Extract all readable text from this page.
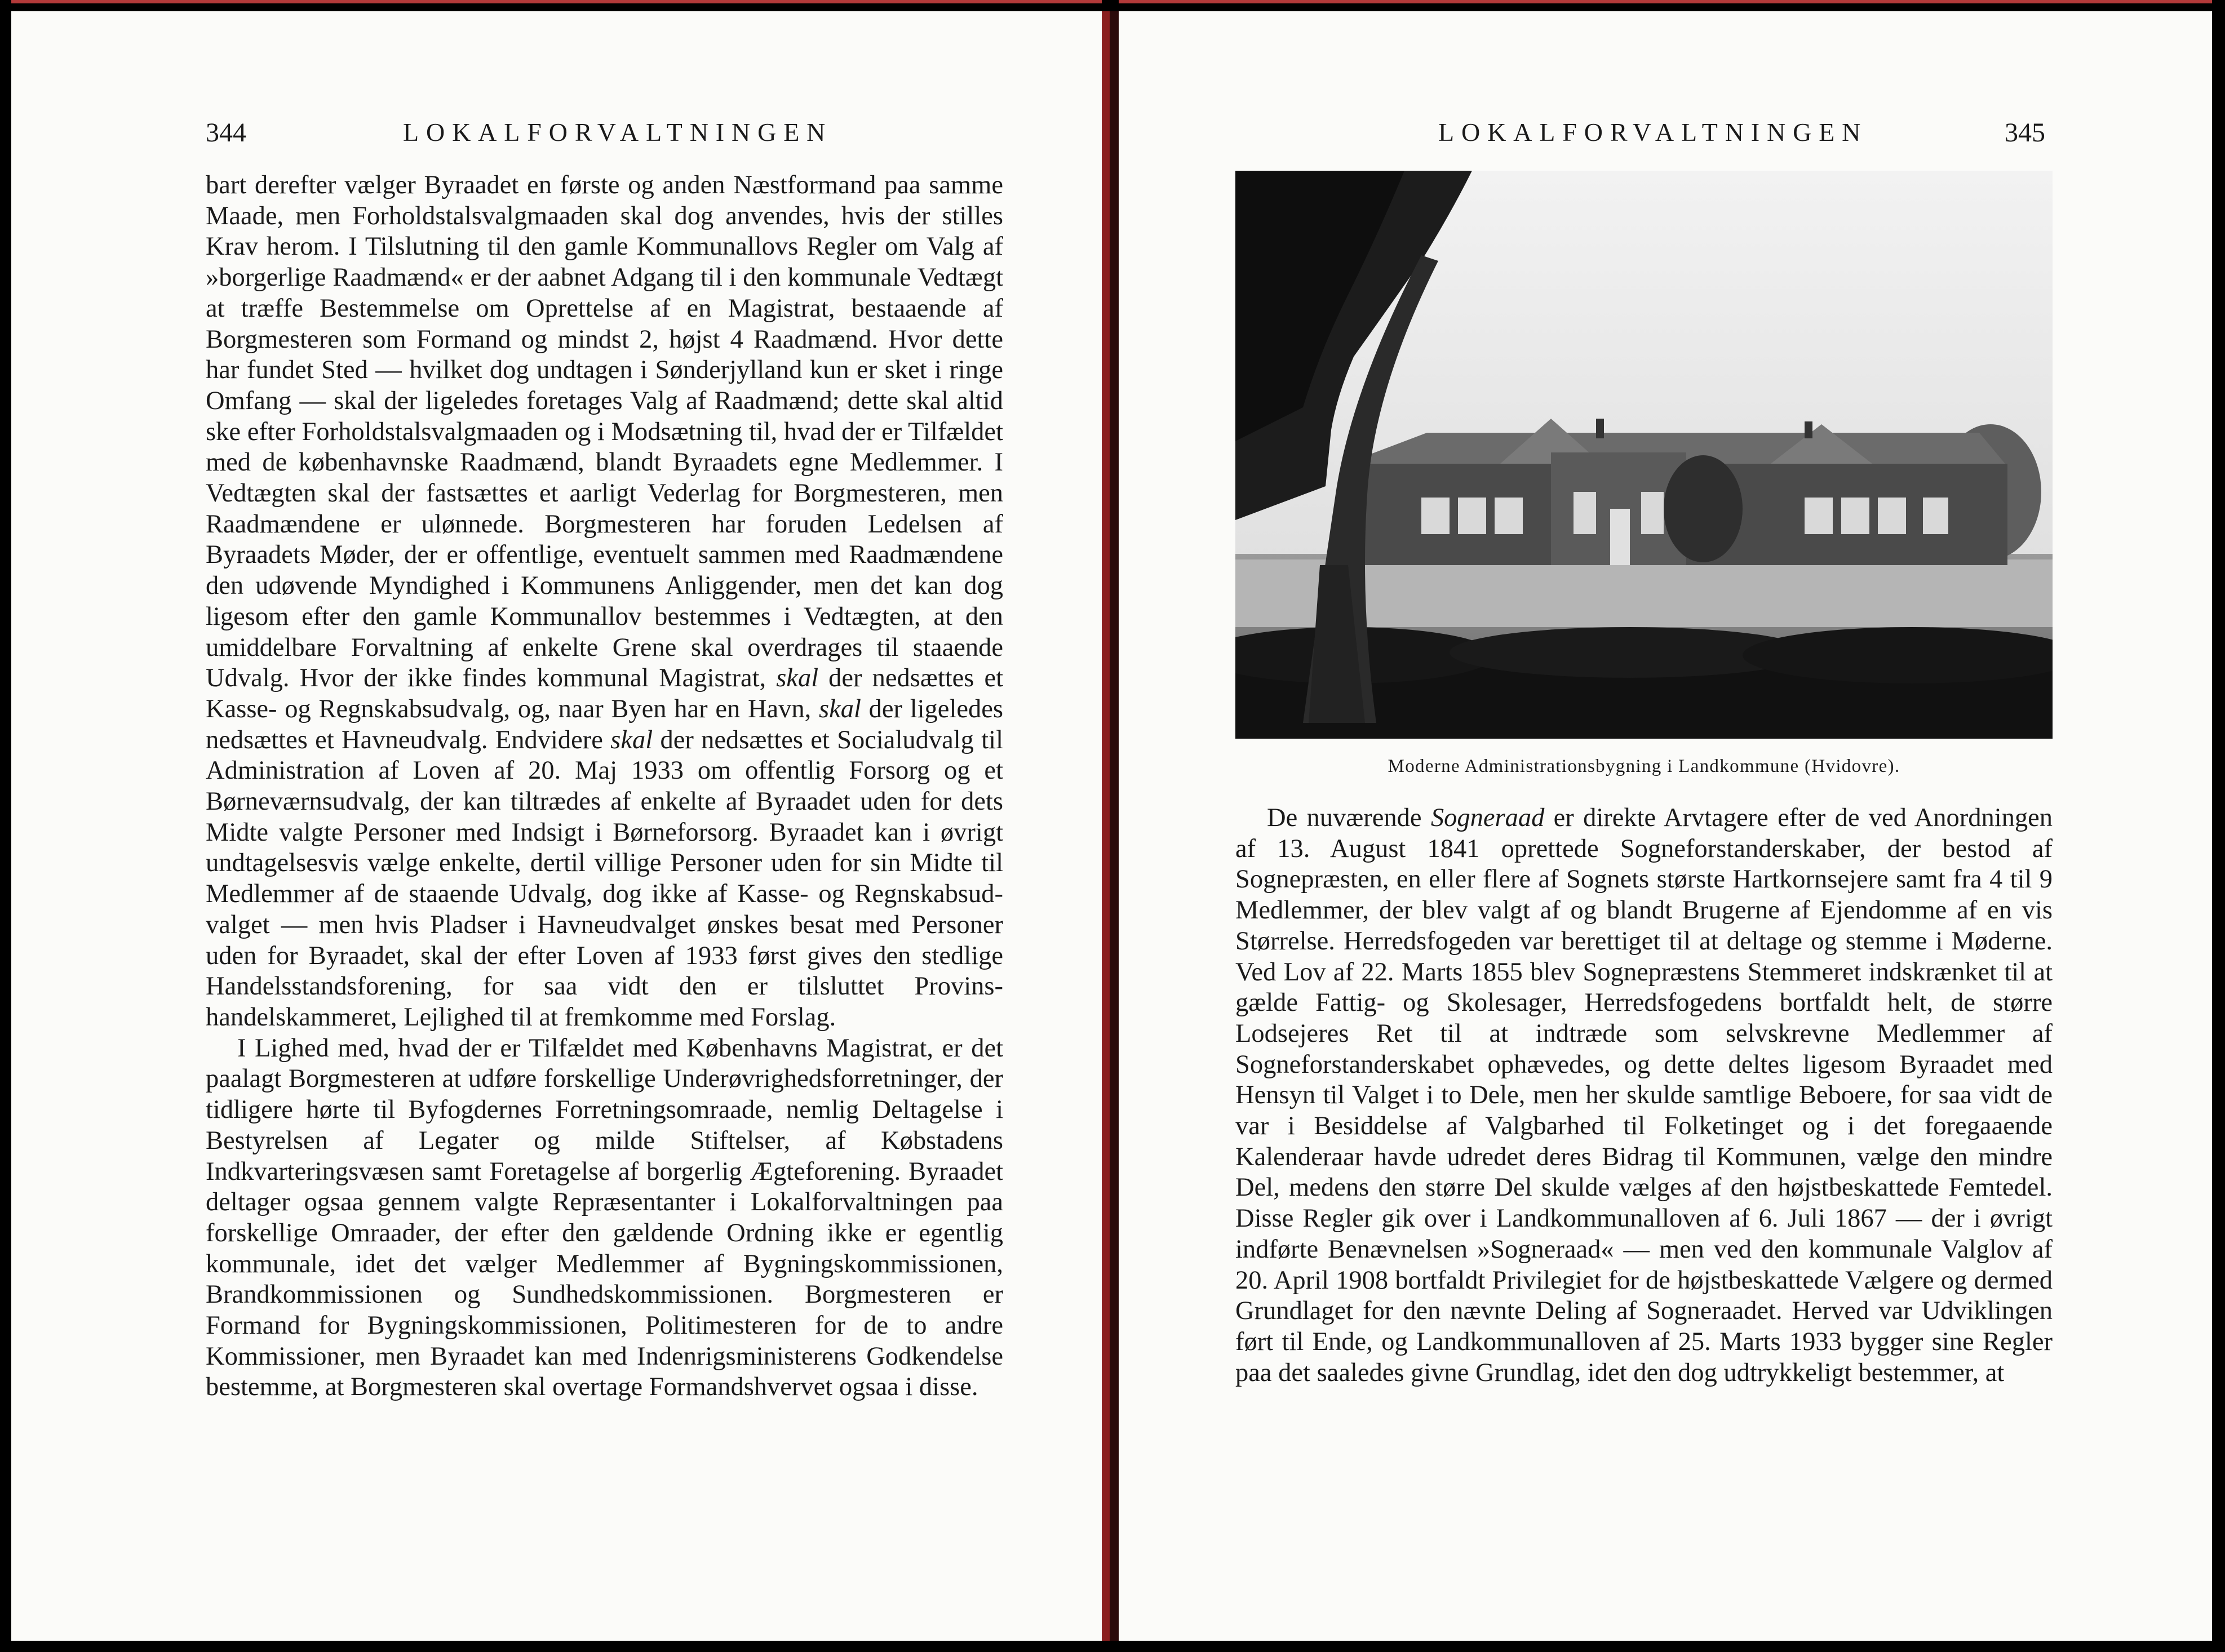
344	LOKALFORVALTNINGEN

bart derefter vælger Byraadet en første og anden Næstformand paa samme Maade, men Forholdstalsvalgmaaden skal dog anvendes, hvis der stilles Krav herom. I Tilslutning til den gamle Kommunallovs Regler om Valg af »borgerlige Raadmænd« er der aabnet Adgang til i den kommunale Vedtægt at træffe Bestemmelse om Oprettelse af en Magistrat, bestaaende af Borgmesteren som Formand og mindst 2, højst 4 Raadmænd. Hvor dette har fundet Sted — hvilket dog undtagen i Sønderjylland kun er sket i ringe Omfang — skal der ligeledes foretages Valg af Raadmænd; dette skal altid ske efter Forholdstalsvalgmaaden og i Modsætning til, hvad der er Tilfældet med de københavnske Raadmænd, blandt Byraadets egne Medlemmer. I Vedtægten skal der fastsættes et aarligt Vederlag for Borgmesteren, men Raadmændene er ulønnede. Borgmesteren har foruden Ledelsen af Byraadets Møder, der er offentlige, eventuelt sammen med Raadmændene den udøvende Myndighed i Kommunens Anliggender, men det kan dog ligesom efter den gamle Kommunallov bestemmes i Vedtægten, at den umiddelbare Forvaltning af enkelte Grene skal overdrages til staaende Udvalg. Hvor der ikke findes kommunal Magistrat, skal der nedsættes et Kasse- og Regnskabsudvalg, og, naar Byen har en Havn, skal der ligeledes nedsættes et Havneudvalg. Endvidere skal der nedsættes et Socialudvalg til Administration af Loven af 20. Maj 1933 om offentlig Forsorg og et Børneværnsudvalg, der kan tiltrædes af enkelte af Byraadet uden for dets Midte valgte Personer med Indsigt i Børneforsorg. Byraadet kan i øvrigt undtagelsesvis vælge enkelte, dertil villige Personer uden for sin Midte til Medlemmer af de staaende Udvalg, dog ikke af Kasse- og Regnskabsudvalget — men hvis Pladser i Havneudvalget ønskes besat med Personer uden for Byraadet, skal der efter Loven af 1933 først gives den stedlige Handelsstandsforening, for saa vidt den er tilsluttet Provinshandelskammeret, Lejlighed til at fremkomme med Forslag.

I Lighed med, hvad der er Tilfældet med Københavns Magistrat, er det paalagt Borgmesteren at udføre forskellige Underøvrighedsforretninger, der tidligere hørte til Byfogdernes Forretningsomraade, nemlig Deltagelse i Bestyrelsen af Legater og milde Stiftelser, af Købstadens Indkvarteringsvæsen samt Foretagelse af borgerlig Ægteforening. Byraadet deltager ogsaa gennem valgte Repræsentanter i Lokalforvaltningen paa forskellige Omraader, der efter den gældende Ordning ikke er egentlig kommunale, idet det vælger Medlemmer af Bygningskommissionen, Brandkommissionen og Sundhedskommissionen. Borgmesteren er Formand for Bygningskommissionen, Politimesteren for de to andre Kommissioner, men Byraadet kan med Indenrigsministerens Godkendelse bestemme, at Borgmesteren skal overtage Formandshvervet ogsaa i disse.

LOKALFORVALTNINGEN	345
Moderne Administrationsbygning i Landkommune (Hvidovre).

De nuværende Sogneraad er direkte Arvtagere efter de ved Anordningen af 13. August 1841 oprettede Sogneforstanderskaber, der bestod af Sognepræsten, en eller flere af Sognets største Hartkornsejere samt fra 4 til 9 Medlemmer, der blev valgt af og blandt Brugerne af Ejendomme af en vis Størrelse. Herredsfogeden var berettiget til at deltage og stemme i Møderne. Ved Lov af 22. Marts 1855 blev Sognepræstens Stemmeret indskrænket til at gælde Fattig- og Skolesager, Herredsfogedens bortfaldt helt, de større Lodsejeres Ret til at indtræde som selvskrevne Medlemmer af Sogneforstanderskabet ophævedes, og dette deltes ligesom Byraadet med Hensyn til Valget i to Dele, men her skulde samtlige Beboere, for saa vidt de var i Besiddelse af Valgbarhed til Folketinget og i det foregaaende Kalenderaar havde udredet deres Bidrag til Kommunen, vælge den mindre Del, medens den større Del skulde vælges af den højstbeskattede Femtedel. Disse Regler gik over i Landkommunalloven af 6. Juli 1867 — der i øvrigt indførte Benævnelsen »Sogneraad« — men ved den kommunale Valglov af 20. April 1908 bortfaldt Privilegiet for de højstbeskattede Vælgere og dermed Grundlaget for den nævnte Deling af Sogneraadet. Herved var Udviklingen ført til Ende, og Landkommunalloven af 25. Marts 1933 bygger sine Regler paa det saaledes givne Grundlag, idet den dog udtrykkeligt bestemmer, at
